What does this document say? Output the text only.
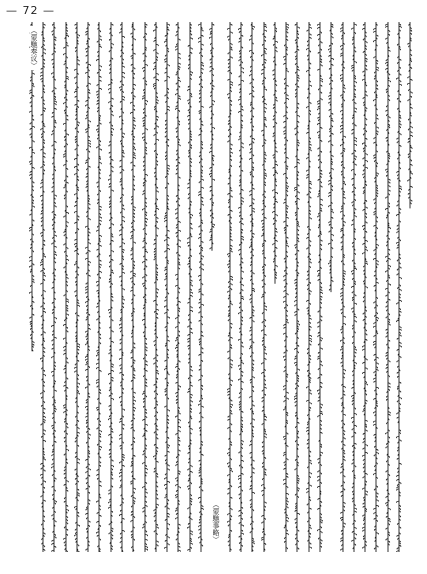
— 72 —
（蒙馳奏议）
（蒙馳事略）
